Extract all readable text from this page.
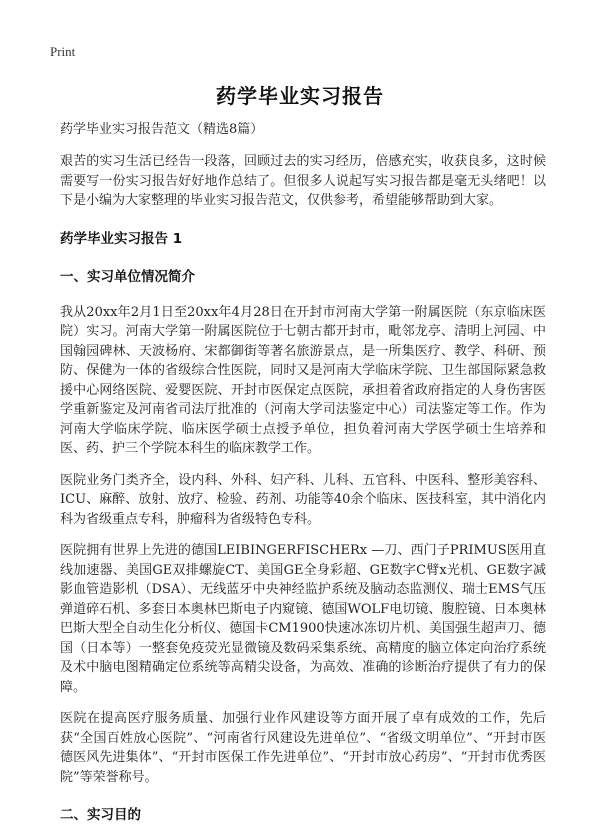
Print
药学毕业实习报告

药学毕业实习报告范文（精选8篇）

艰苦的实习生活已经告一段落，回顾过去的实习经历，倍感充实，收获良多，这时候需要写一份实习报告好好地作总结了。但很多人说起写实习报告都是毫无头绪吧！以下是小编为大家整理的毕业实习报告范文，仅供参考，希望能够帮助到大家。

药学毕业实习报告 1
一、实习单位情况简介

我从20xx年2月1日至20xx年4月28日在开封市河南大学第一附属医院（东京临床医院）实习。河南大学第一附属医院位于七朝古都开封市，毗邻龙亭、清明上河园、中国翰园碑林、天波杨府、宋都御街等著名旅游景点，是一所集医疗、教学、科研、预防、保健为一体的省级综合性医院，同时又是河南大学临床学院、卫生部国际紧急救援中心网络医院、爱婴医院、开封市医保定点医院，承担着省政府指定的人身伤害医学重新鉴定及河南省司法厅批准的（河南大学司法鉴定中心）司法鉴定等工作。作为河南大学临床学院、临床医学硕士点授予单位，担负着河南大学医学硕士生培养和医、药、护三个学院本科生的临床教学工作。

医院业务门类齐全，设内科、外科、妇产科、儿科、五官科、中医科、整形美容科、ICU、麻醉、放射、放疗、检验、药剂、功能等40余个临床、医技科室，其中消化内科为省级重点专科，肿瘤科为省级特色专科。

医院拥有世界上先进的德国LEIBINGERFISCHERx —刀、西门子PRIMUS医用直线加速器、美国GE双排螺旋CT、美国GE全身彩超、GE数字C臂x光机、GE数字减影血管造影机（DSA）、无线蓝牙中央神经监护系统及脑动态监测仪、瑞士EMS气压弹道碎石机、多套日本奥林巴斯电子内窥镜、德国WOLF电切镜、腹腔镜、日本奥林巴斯大型全自动生化分析仪、德国卡CM1900快速冰冻切片机、美国强生超声刀、德国（日本等）一整套免疫荧光显微镜及数码采集系统、高精度的脑立体定向治疗系统及术中脑电图精确定位系统等高精尖设备，为高效、准确的诊断治疗提供了有力的保障。

医院在提高医疗服务质量、加强行业作风建设等方面开展了卓有成效的工作，先后获“全国百姓放心医院”、“河南省行风建设先进单位”、“省级文明单位”、“开封市医德医风先进集体”、“开封市医保工作先进单位”、“开封市放心药房”、“开封市优秀医院”等荣誉称号。

二、实习目的
